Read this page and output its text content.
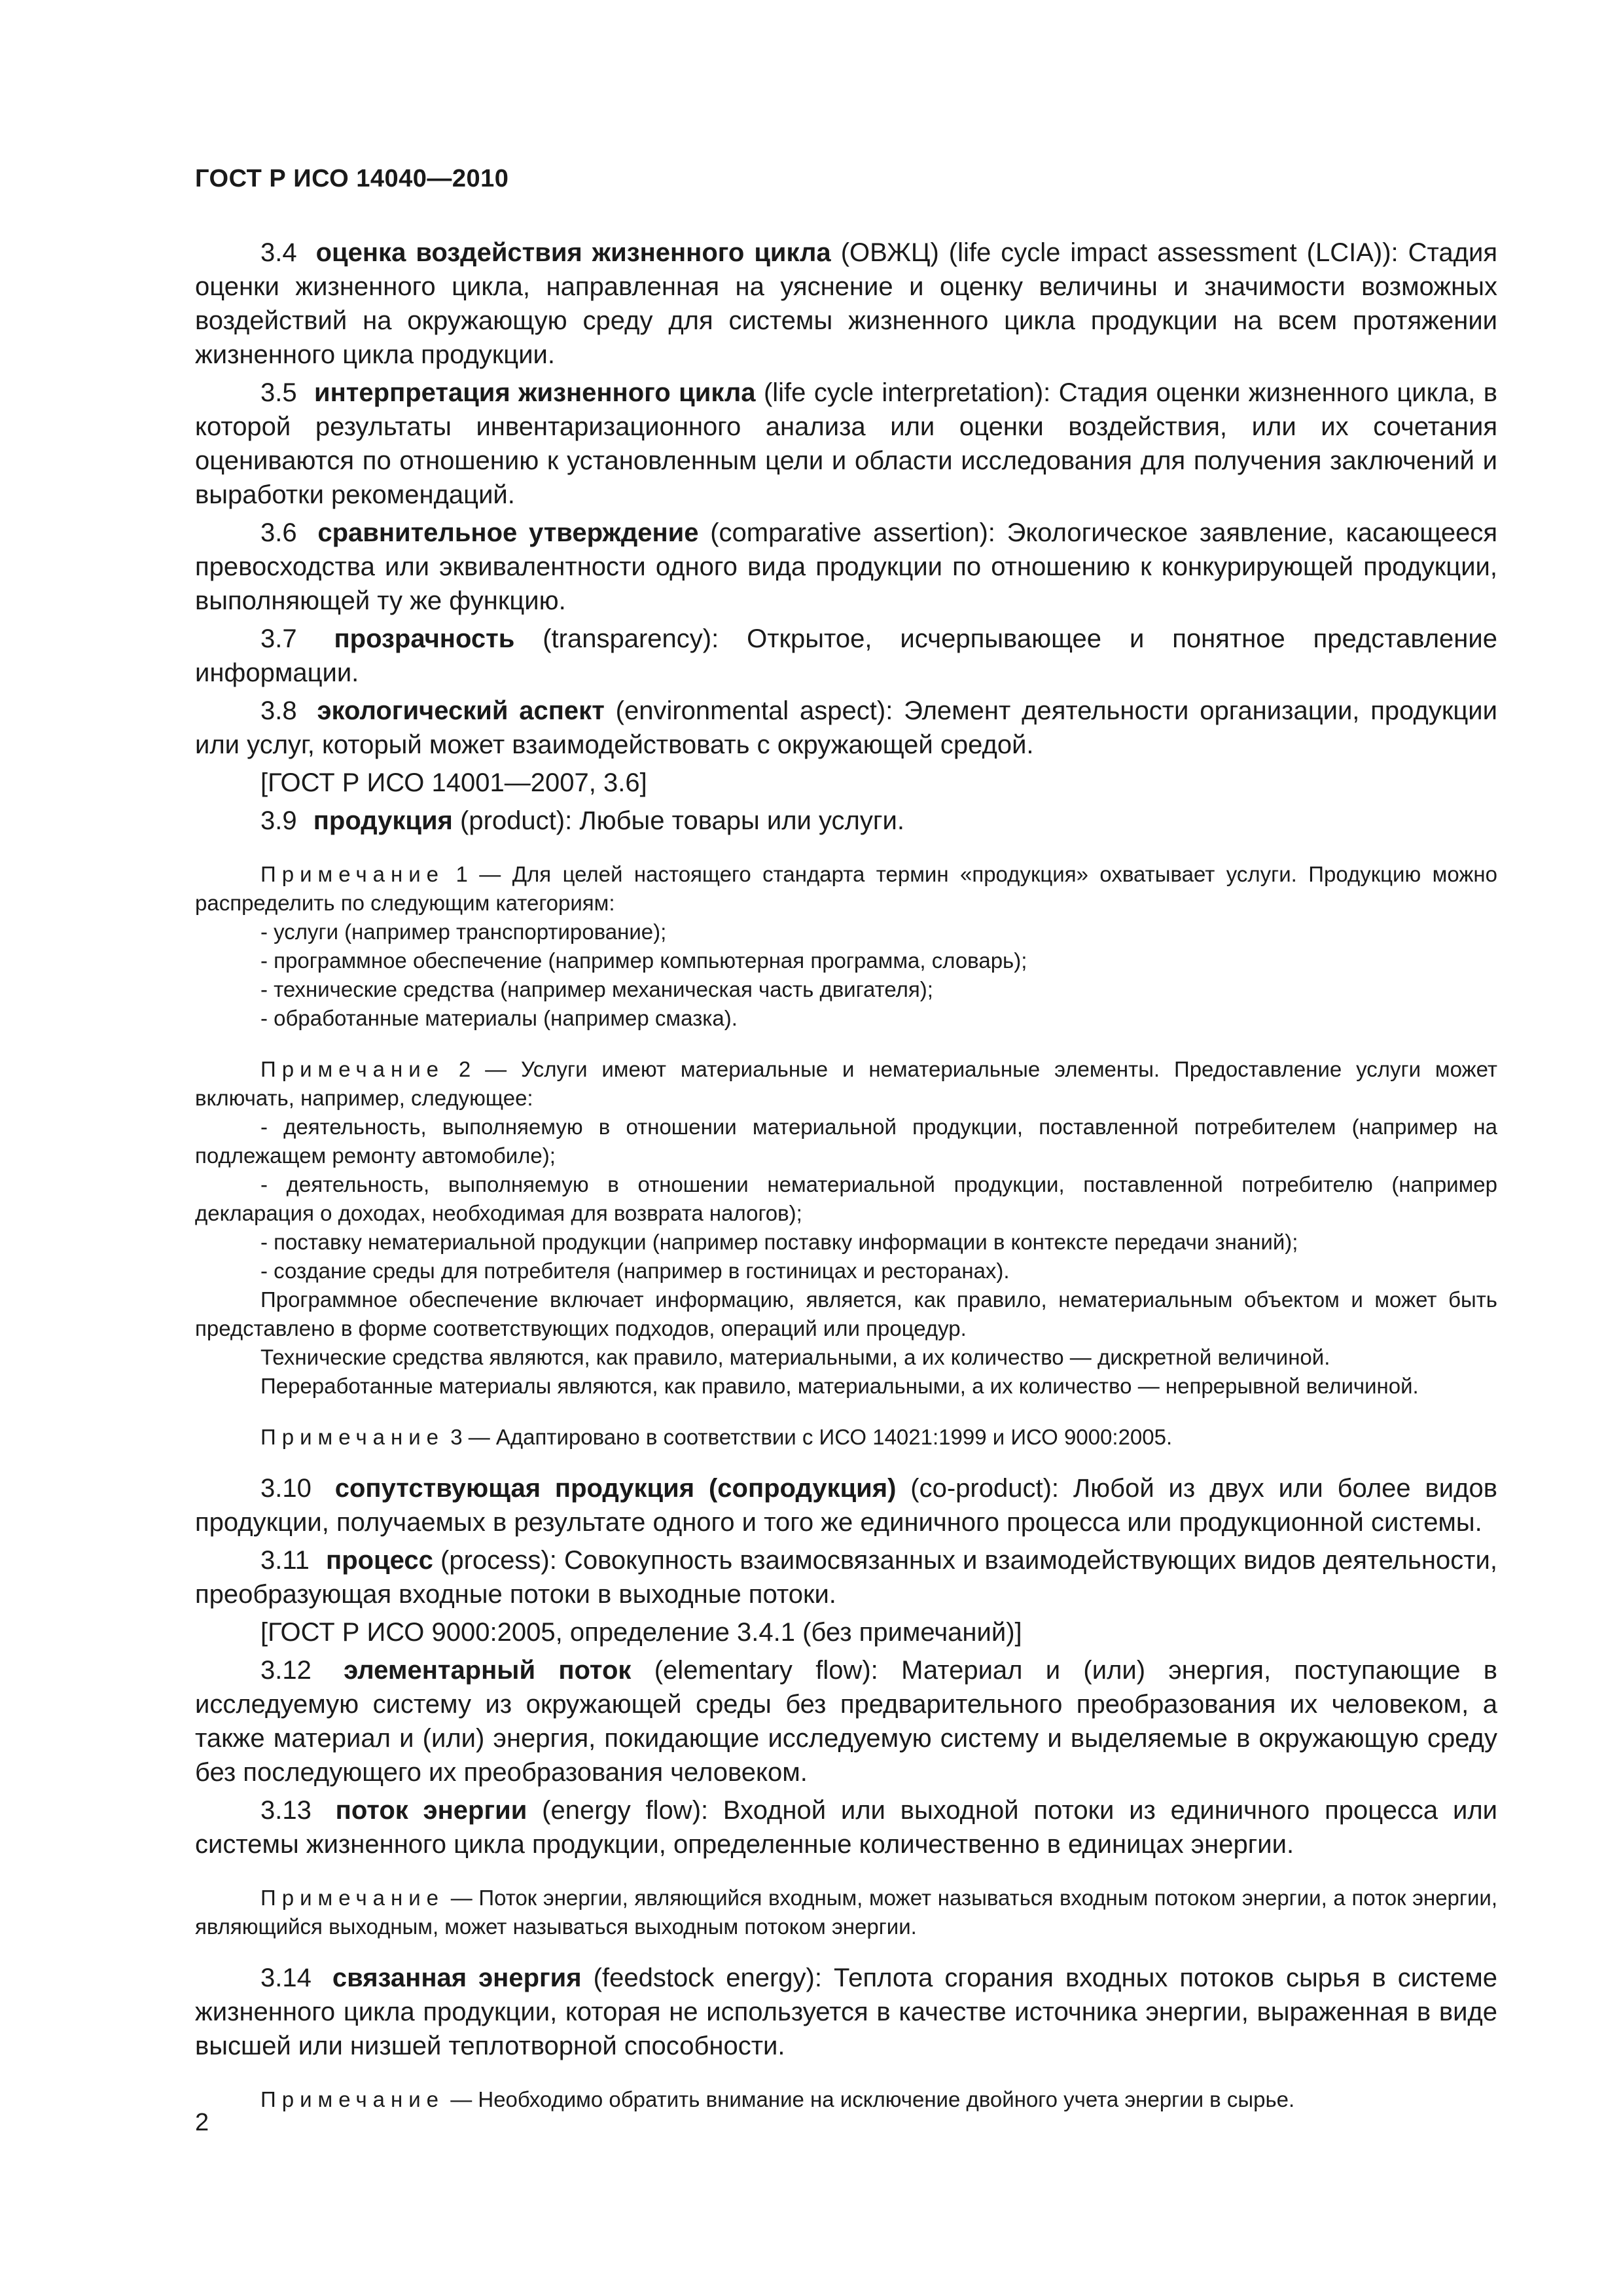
ГОСТ Р ИСО 14040—2010

3.4 оценка воздействия жизненного цикла (ОВЖЦ) (life cycle impact assessment (LCIA)): Стадия оценки жизненного цикла, направленная на уяснение и оценку величины и значимости возможных воздействий на окружающую среду для системы жизненного цикла продукции на всем протяжении жизненного цикла продукции.

3.5 интерпретация жизненного цикла (life cycle interpretation): Стадия оценки жизненного цикла, в которой результаты инвентаризационного анализа или оценки воздействия, или их сочетания оцениваются по отношению к установленным цели и области исследования для получения заключений и выработки рекомендаций.

3.6 сравнительное утверждение (comparative assertion): Экологическое заявление, касающееся превосходства или эквивалентности одного вида продукции по отношению к конкурирующей продукции, выполняющей ту же функцию.

3.7 прозрачность (transparency): Открытое, исчерпывающее и понятное представление информации.

3.8 экологический аспект (environmental aspect): Элемент деятельности организации, продукции или услуг, который может взаимодействовать с окружающей средой.

[ГОСТ Р ИСО 14001—2007, 3.6]

3.9 продукция (product): Любые товары или услуги.

Примечание 1 — Для целей настоящего стандарта термин «продукция» охватывает услуги. Продукцию можно распределить по следующим категориям:

- услуги (например транспортирование);

- программное обеспечение (например компьютерная программа, словарь);

- технические средства (например механическая часть двигателя);

- обработанные материалы (например смазка).

Примечание 2 — Услуги имеют материальные и нематериальные элементы. Предоставление услуги может включать, например, следующее:

- деятельность, выполняемую в отношении материальной продукции, поставленной потребителем (например на подлежащем ремонту автомобиле);

- деятельность, выполняемую в отношении нематериальной продукции, поставленной потребителю (например декларация о доходах, необходимая для возврата налогов);

- поставку нематериальной продукции (например поставку информации в контексте передачи знаний);

- создание среды для потребителя (например в гостиницах и ресторанах).

Программное обеспечение включает информацию, является, как правило, нематериальным объектом и может быть представлено в форме соответствующих подходов, операций или процедур.

Технические средства являются, как правило, материальными, а их количество — дискретной величиной.

Переработанные материалы являются, как правило, материальными, а их количество — непрерывной величиной.

Примечание 3 — Адаптировано в соответствии с ИСО 14021:1999 и ИСО 9000:2005.

3.10 сопутствующая продукция (сопродукция) (co-product): Любой из двух или более видов продукции, получаемых в результате одного и того же единичного процесса или продукционной системы.

3.11 процесс (process): Совокупность взаимосвязанных и взаимодействующих видов деятельности, преобразующая входные потоки в выходные потоки.

[ГОСТ Р ИСО 9000:2005, определение 3.4.1 (без примечаний)]

3.12 элементарный поток (elementary flow): Материал и (или) энергия, поступающие в исследуемую систему из окружающей среды без предварительного преобразования их человеком, а также материал и (или) энергия, покидающие исследуемую систему и выделяемые в окружающую среду без последующего их преобразования человеком.

3.13 поток энергии (energy flow): Входной или выходной потоки из единичного процесса или системы жизненного цикла продукции, определенные количественно в единицах энергии.

Примечание — Поток энергии, являющийся входным, может называться входным потоком энергии, а поток энергии, являющийся выходным, может называться выходным потоком энергии.

3.14 связанная энергия (feedstock energy): Теплота сгорания входных потоков сырья в системе жизненного цикла продукции, которая не используется в качестве источника энергии, выраженная в виде высшей или низшей теплотворной способности.

Примечание — Необходимо обратить внимание на исключение двойного учета энергии в сырье.

2
